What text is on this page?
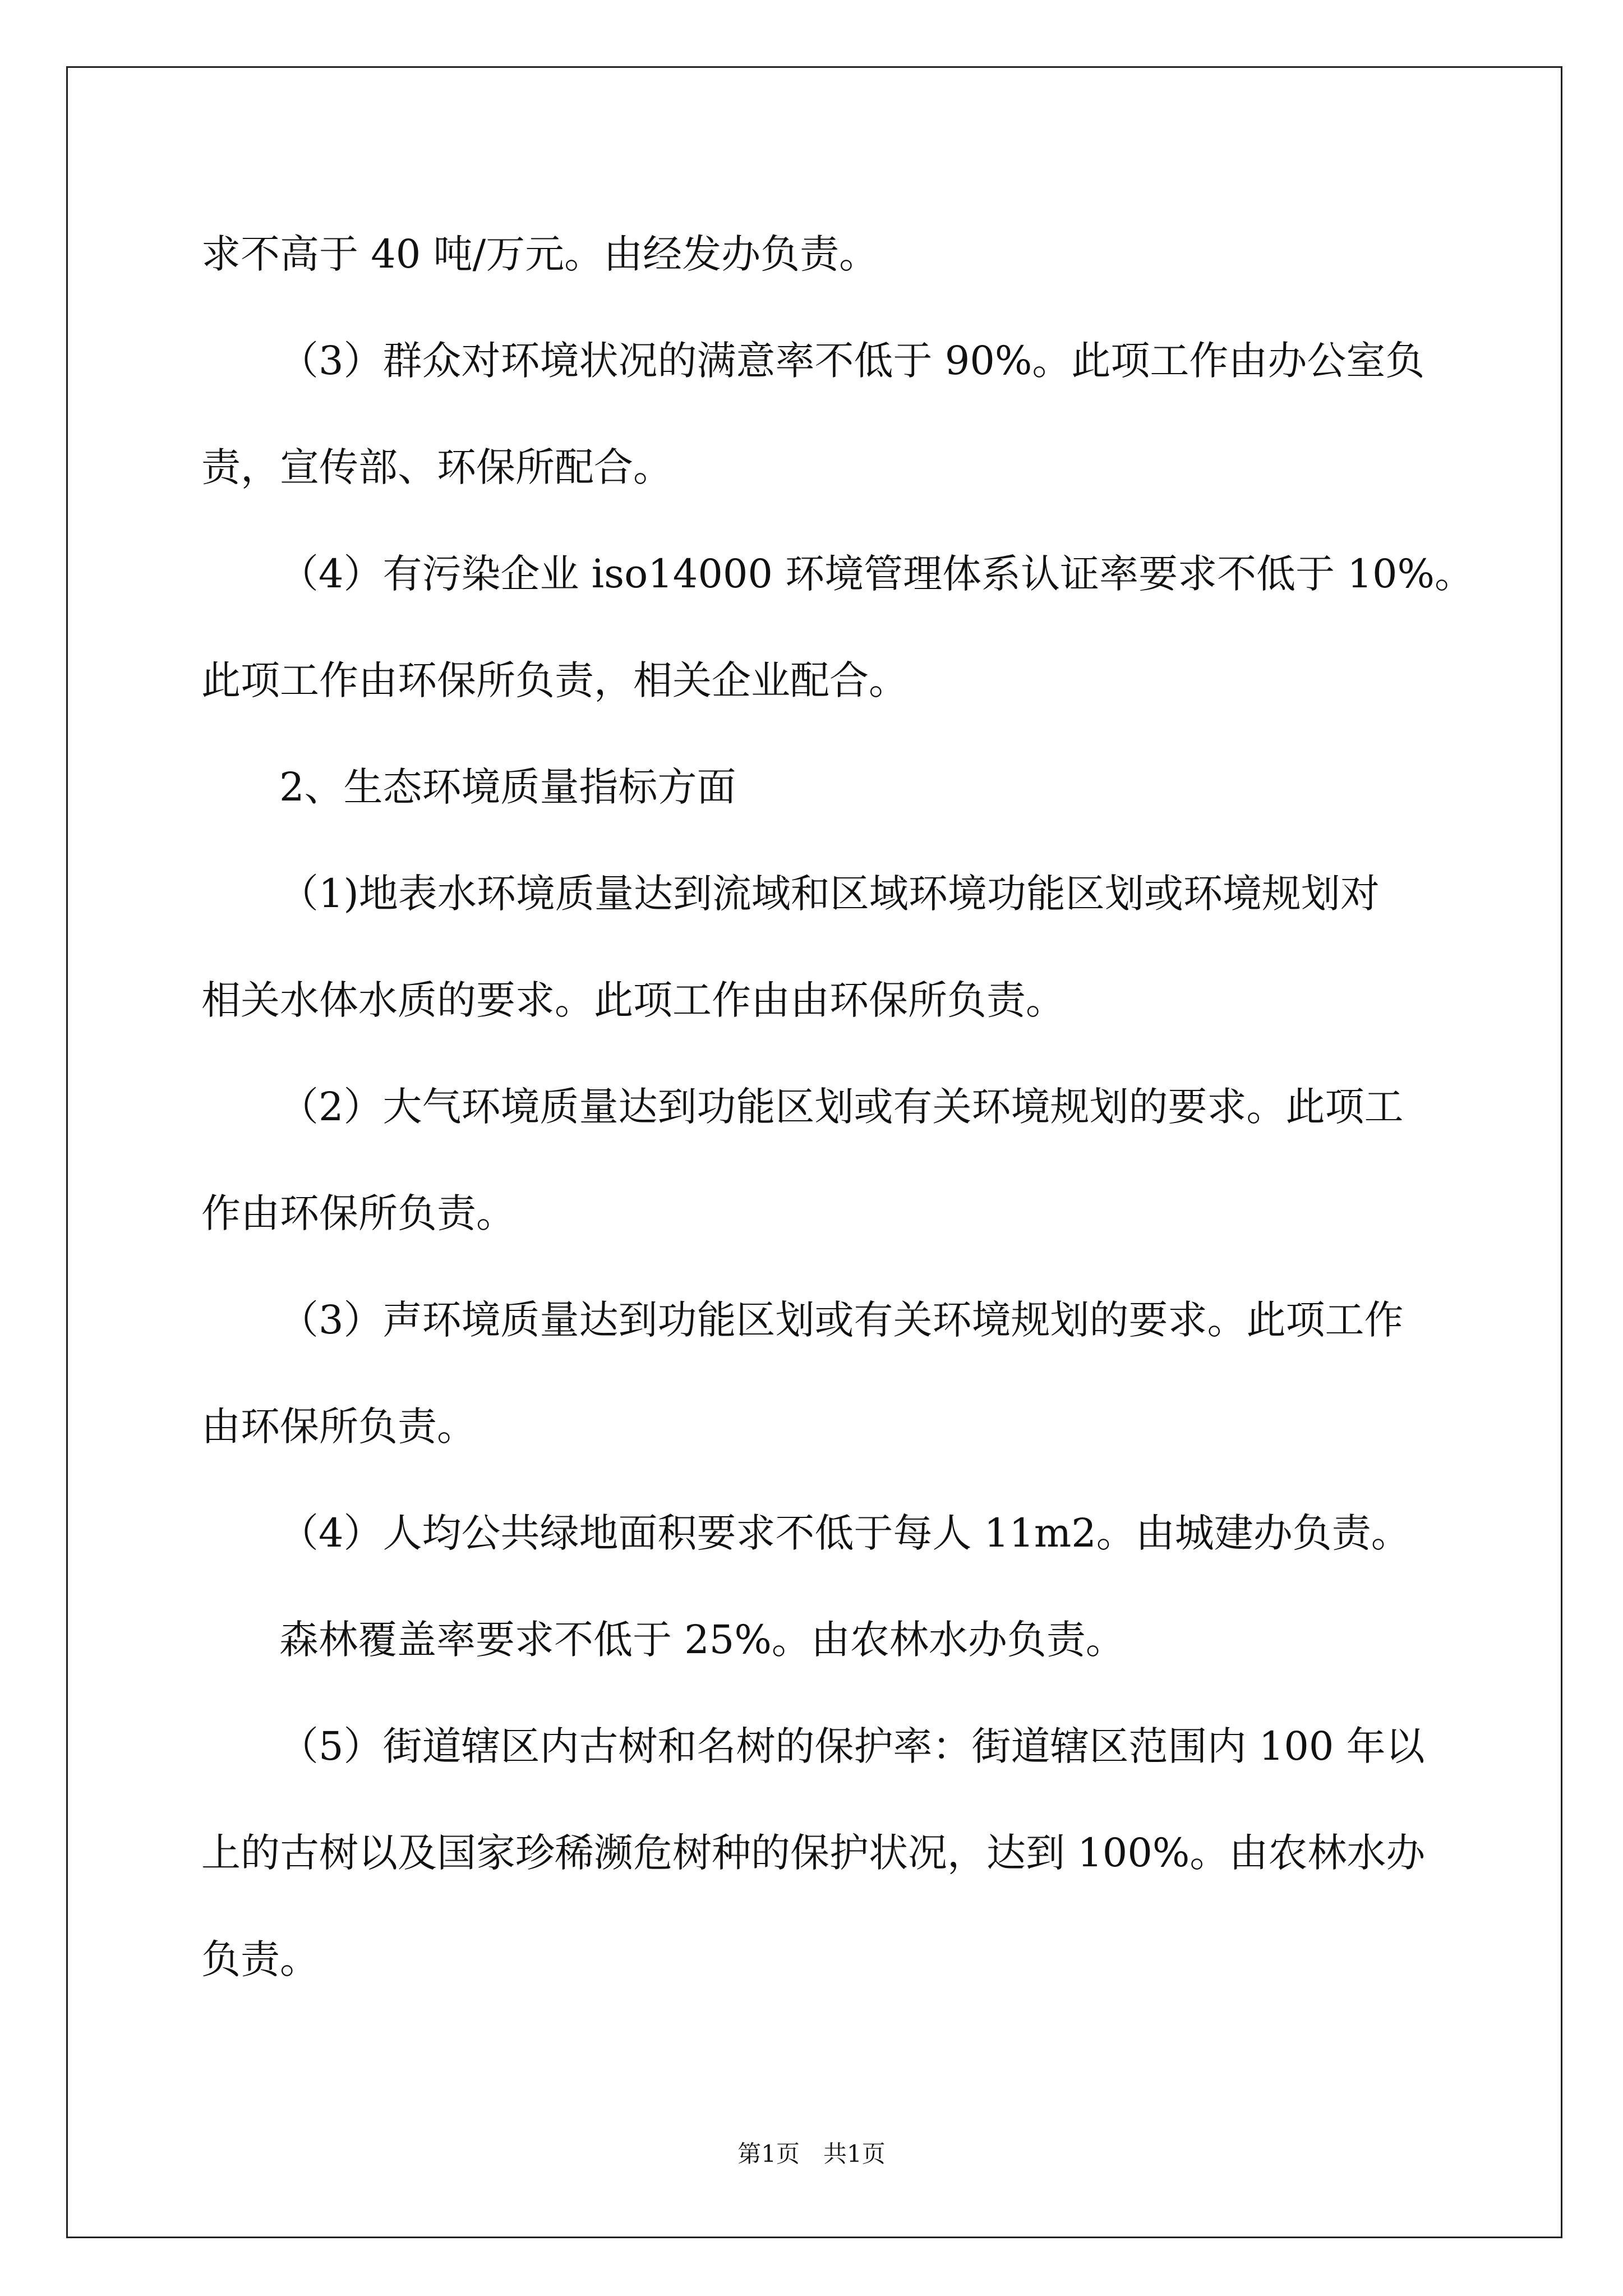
求不高于 40 吨/万元。由经发办负责。
（3）群众对环境状况的满意率不低于 90%。此项工作由办公室负
责，宣传部、环保所配合。
（4）有污染企业 iso14000 环境管理体系认证率要求不低于 10%。
此项工作由环保所负责，相关企业配合。
2、生态环境质量指标方面
（1)地表水环境质量达到流域和区域环境功能区划或环境规划对
相关水体水质的要求。此项工作由由环保所负责。
（2）大气环境质量达到功能区划或有关环境规划的要求。此项工
作由环保所负责。
（3）声环境质量达到功能区划或有关环境规划的要求。此项工作
由环保所负责。
（4）人均公共绿地面积要求不低于每人 11m2。由城建办负责。
森林覆盖率要求不低于 25%。由农林水办负责。
（5）街道辖区内古树和名树的保护率：街道辖区范围内 100 年以
上的古树以及国家珍稀濒危树种的保护状况，达到 100%。由农林水办
负责。
第1页　共1页
